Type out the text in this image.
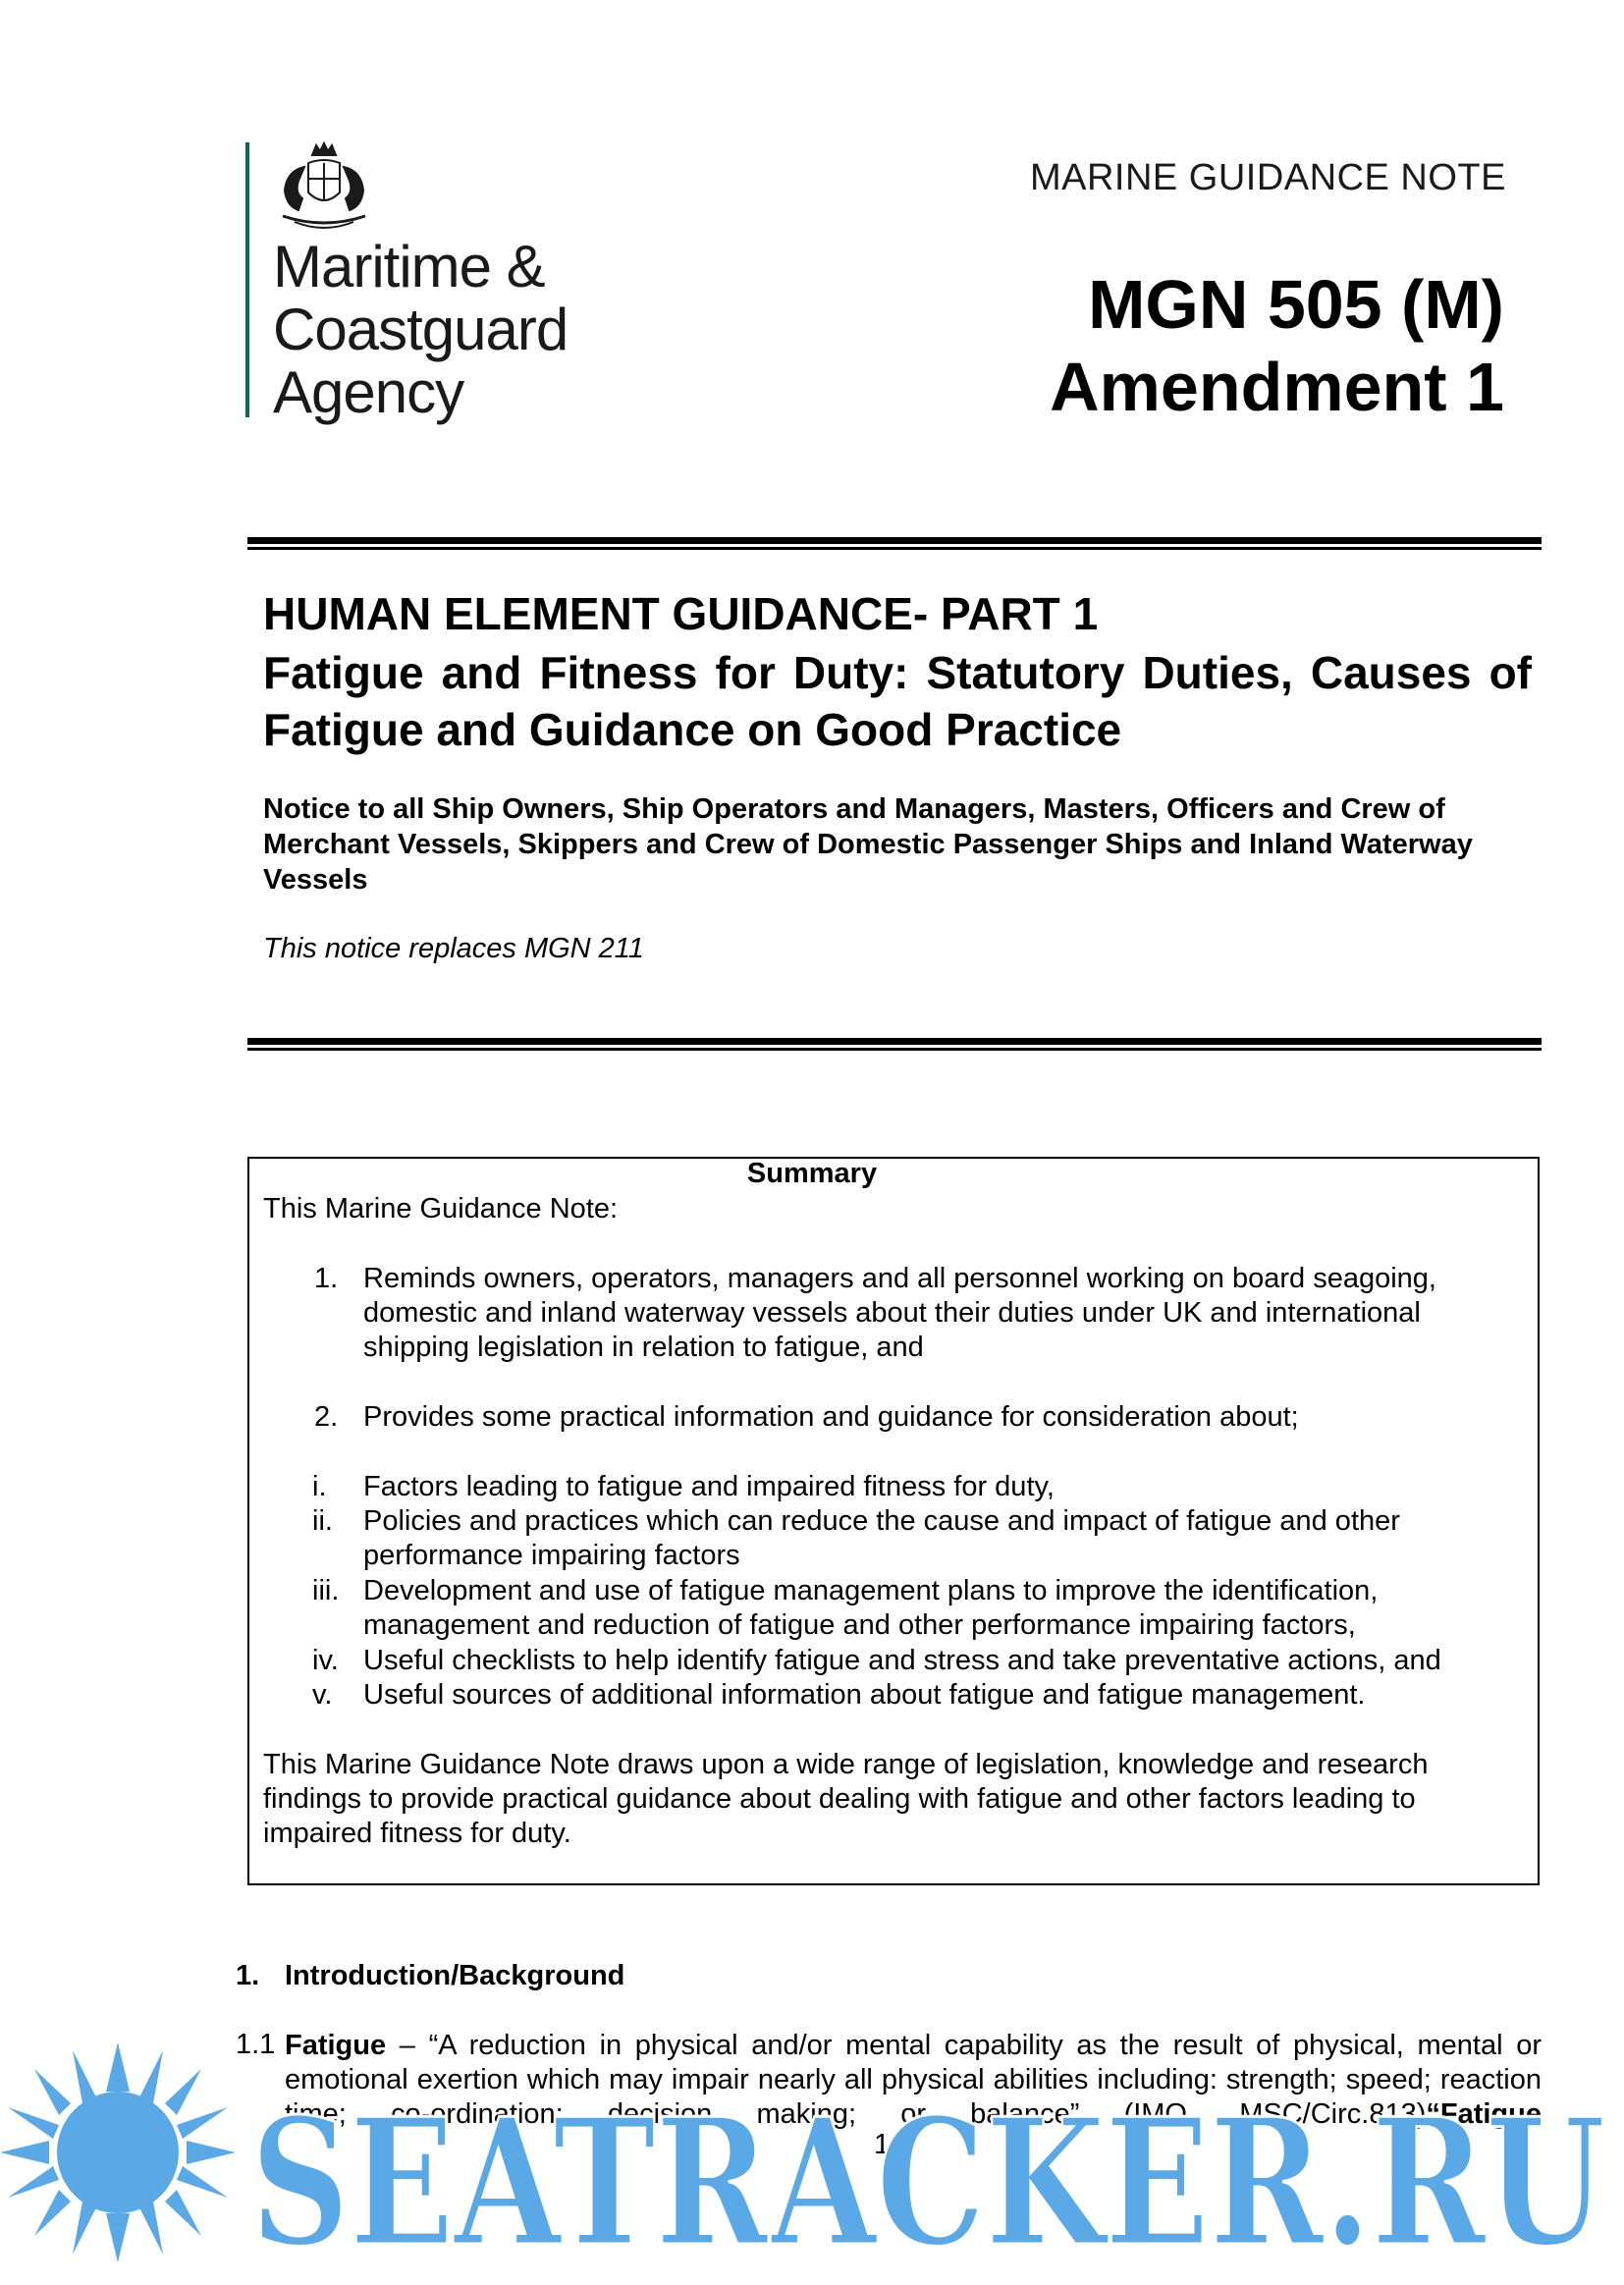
Maritime &
Coastguard
Agency
MARINE GUIDANCE NOTE
MGN 505 (M)
Amendment 1
HUMAN ELEMENT GUIDANCE- PART 1
Fatigue and Fitness for Duty: Statutory Duties, Causes of Fatigue and Guidance on Good Practice
Notice to all Ship Owners, Ship Operators and Managers, Masters, Officers and Crew of Merchant Vessels, Skippers and Crew of Domestic Passenger Ships and Inland Waterway Vessels
This notice replaces MGN 211
Summary
This Marine Guidance Note:
1. Reminds owners, operators, managers and all personnel working on board seagoing, domestic and inland waterway vessels about their duties under UK and international shipping legislation in relation to fatigue, and
2. Provides some practical information and guidance for consideration about;
i. Factors leading to fatigue and impaired fitness for duty,
ii. Policies and practices which can reduce the cause and impact of fatigue and other performance impairing factors
iii. Development and use of fatigue management plans to improve the identification, management and reduction of fatigue and other performance impairing factors,
iv. Useful checklists to help identify fatigue and stress and take preventative actions, and
v. Useful sources of additional information about fatigue and fatigue management.
This Marine Guidance Note draws upon a wide range of legislation, knowledge and research findings to provide practical guidance about dealing with fatigue and other factors leading to impaired fitness for duty.
1. Introduction/Background
1.1 Fatigue – “A reduction in physical and/or mental capability as the result of physical, mental or emotional exertion which may impair nearly all physical abilities including: strength; speed; reaction time; co-ordination; decision making; or balance” (IMO, MSC/Circ.813)“Fatigue
1
SEATRACKER.RU
